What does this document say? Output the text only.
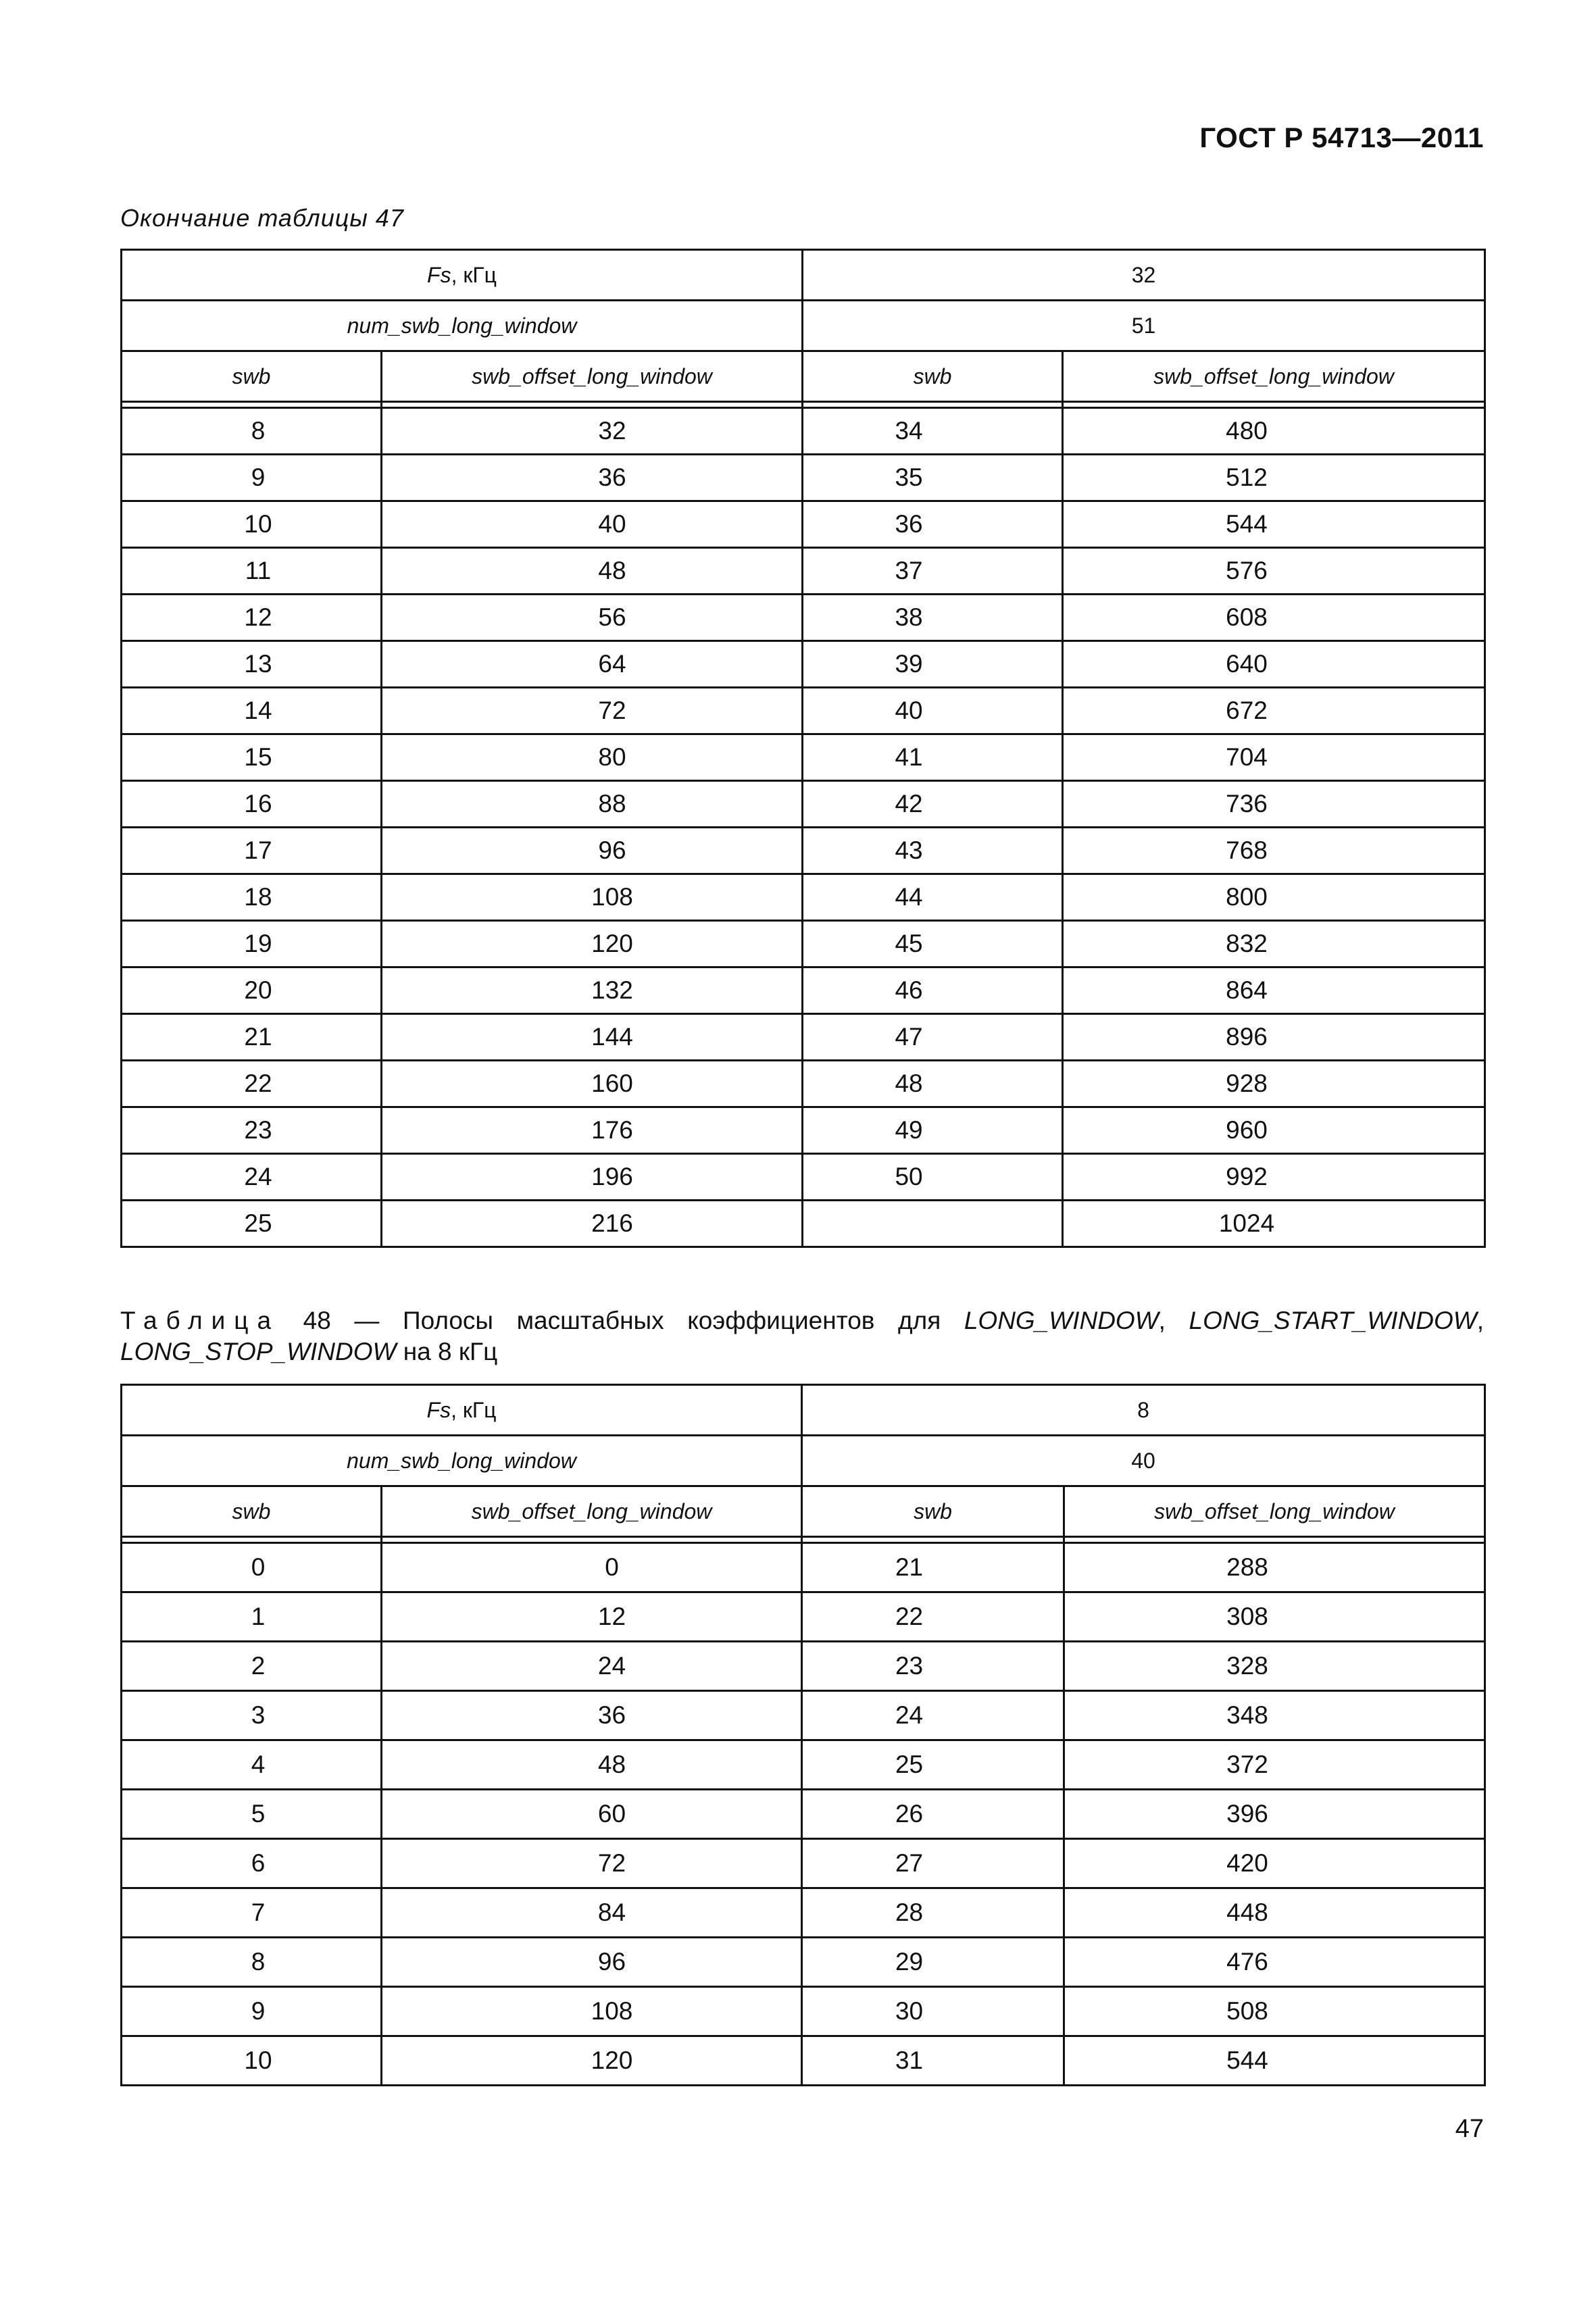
ГОСТ Р 54713—2011
Окончание таблицы 47
Fs, кГц		32	
num_swb_long_window		51	
swb	swb_offset_long_window	swb	swb_offset_long_window

8	32	34	480
9	36	35	512
10	40	36	544
11	48	37	576
12	56	38	608
13	64	39	640
14	72	40	672
15	80	41	704
16	88	42	736
17	96	43	768
18	108	44	800
19	120	45	832
20	132	46	864
21	144	47	896
22	160	48	928
23	176	49	960
24	196	50	992
25	216		1024
Таблица 48 — Полосы масштабных коэффициентов для LONG_WINDOW, LONG_START_WINDOW, LONG_STOP_WINDOW на 8 кГц
Fs, кГц		8	
num_swb_long_window		40	
swb	swb_offset_long_window	swb	swb_offset_long_window

0	0	21	288
1	12	22	308
2	24	23	328
3	36	24	348
4	48	25	372
5	60	26	396
6	72	27	420
7	84	28	448
8	96	29	476
9	108	30	508
10	120	31	544
47
